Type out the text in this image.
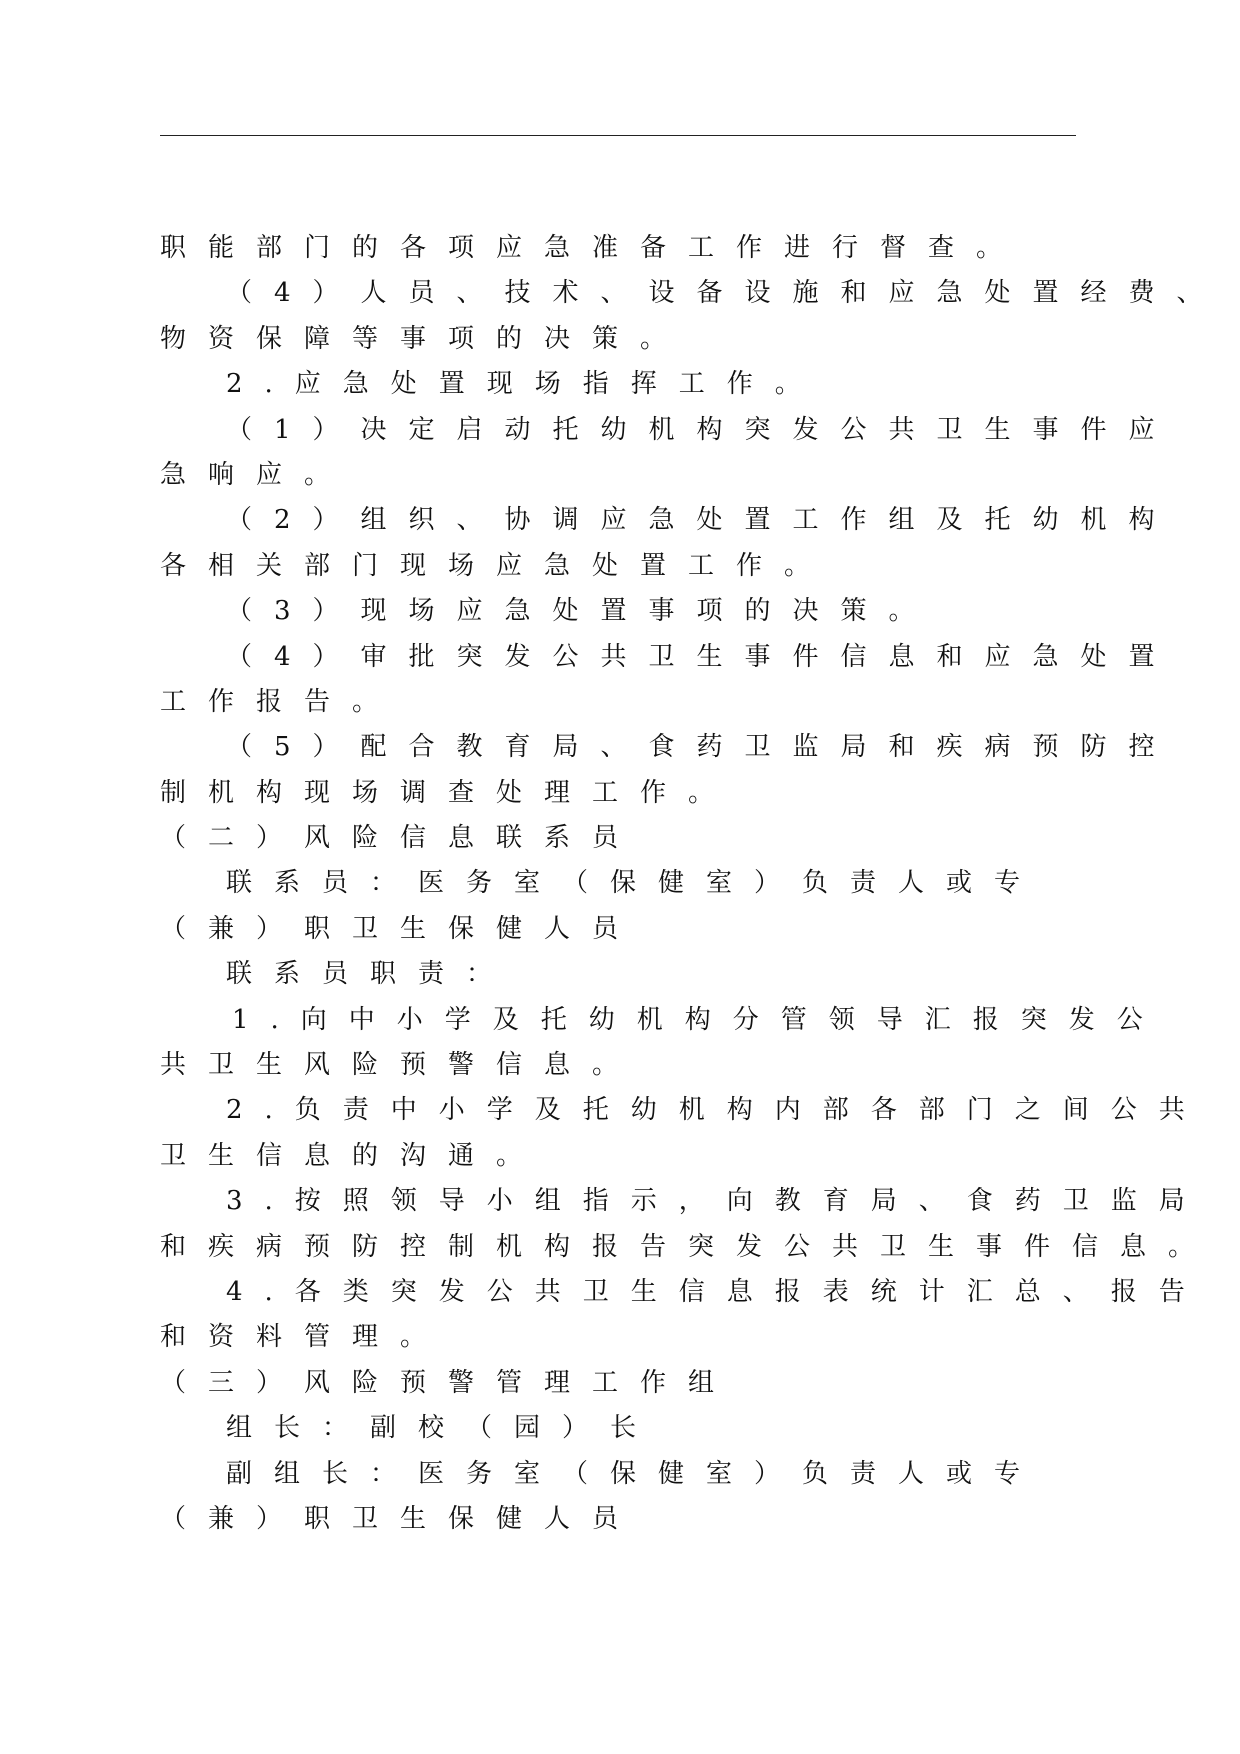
职能部门的各项应急准备工作进行督查。
（4）人员、技术、设备设施和应急处置经费、
物资保障等事项的决策。
2.应急处置现场指挥工作。
（1）决定启动托幼机构突发公共卫生事件应
急响应。
（2）组织、协调应急处置工作组及托幼机构
各相关部门现场应急处置工作。
（3）现场应急处置事项的决策。
（4）审批突发公共卫生事件信息和应急处置
工作报告。
（5）配合教育局、食药卫监局和疾病预防控
制机构现场调查处理工作。
（二）风险信息联系员
联系员：医务室（保健室）负责人或专
（兼）职卫生保健人员
联系员职责：
1.向中小学及托幼机构分管领导汇报突发公
共卫生风险预警信息。
2.负责中小学及托幼机构内部各部门之间公共
卫生信息的沟通。
3.按照领导小组指示，向教育局、食药卫监局
和疾病预防控制机构报告突发公共卫生事件信息。
4.各类突发公共卫生信息报表统计汇总、报告
和资料管理。
（三）风险预警管理工作组
组长：副校（园）长
副组长：医务室（保健室）负责人或专
（兼）职卫生保健人员
